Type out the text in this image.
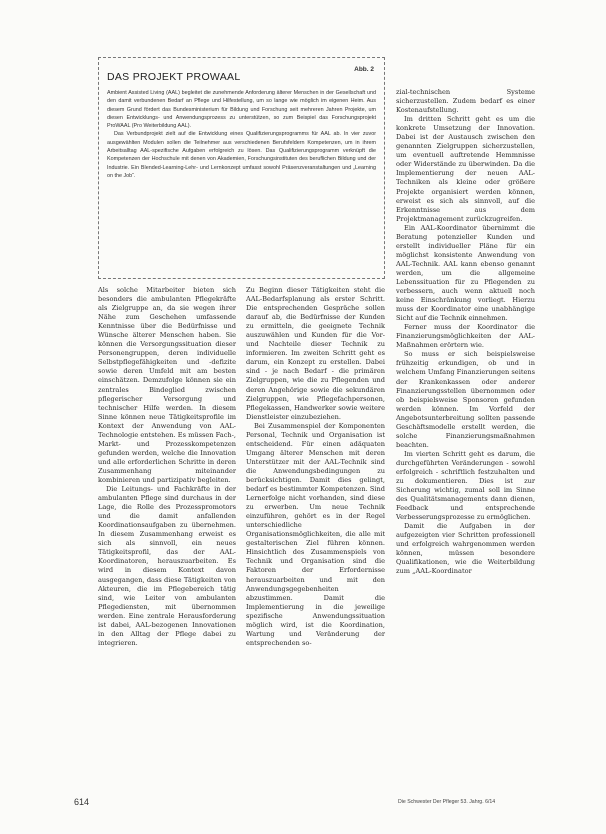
Abb. 2
DAS PROJEKT PROWAAL

Ambient Assisted Living (AAL) begleitet die zunehmende Anforderung älterer Menschen in der Gesellschaft und den damit verbundenen Bedarf an Pflege und Hilfestellung, um so lange wie möglich im eigenen Heim. Aus diesem Grund fördert das Bundesministerium für Bildung und Forschung seit mehreren Jahren Projekte, um diesen Entwicklungs- und Anwendungsprozess zu unterstützen, so zum Beispiel das Forschungsprojekt ProWAAL (Pro Weiterbildung AAL).

Das Verbundprojekt zielt auf die Entwicklung eines Qualifizierungsprogramms für AAL ab. In vier zuvor ausgewählten Modulen sollen die Teilnehmer aus verschiedenen Berufsfeldern Kompetenzen, um in ihrem Arbeitsalltag AAL-spezifische Aufgaben erfolgreich zu lösen. Das Qualifizierungsprogramm verknüpft die Kompetenzen der Hochschule mit denen von Akademien, Forschungsinstituten des beruflichen Bildung und der Industrie. Ein Blended-Learning-Lehr- und Lernkonzept umfasst sowohl Präsenzveranstaltungen und „Learning on the Job“.

Als solche Mitarbeiter bieten sich besonders die ambulanten Pflegekräfte als Zielgruppe an, da sie wegen ihrer Nähe zum Geschehen umfassende Kenntnisse über die Bedürfnisse und Wünsche älterer Menschen haben. Sie können die Versorgungssituation dieser Personengruppen, deren individuelle Selbstpflegefähigkeiten und -defizite sowie deren Umfeld mit am besten einschätzen. Demzufolge können sie ein zentrales Bindeglied zwischen pflegerischer Versorgung und technischer Hilfe werden. In diesem Sinne können neue Tätigkeitsprofile im Kontext der Anwendung von AAL-Technologie entstehen. Es müssen Fach-, Markt- und Prozesskompetenzen gefunden werden, welche die Innovation und alle erforderlichen Schritte in deren Zusammenhang miteinander kombinieren und partizipativ begleiten.

Die Leitungs- und Fachkräfte in der ambulanten Pflege sind durchaus in der Lage, die Rolle des Prozesspromotors und die damit anfallenden Koordinationsaufgaben zu übernehmen. In diesem Zusammenhang erweist es sich als sinnvoll, ein neues Tätigkeitsprofil, das der AAL-Koordinatoren, herauszuarbeiten. Es wird in diesem Kontext davon ausgegangen, dass diese Tätigkeiten von Akteuren, die im Pflegebereich tätig sind, wie Leiter von ambulanten Pflegediensten, mit übernommen werden. Eine zentrale Herausforderung ist dabei, AAL-bezogenen Innovationen in den Alltag der Pflege dabei zu integrieren.

Zu Beginn dieser Tätigkeiten steht die AAL-Bedarfsplanung als erster Schritt. Die entsprechenden Gespräche sollen darauf ab, die Bedürfnisse der Kunden zu ermitteln, die geeignete Technik auszuwählen und Kunden für die Vor- und Nachteile dieser Technik zu informieren. Im zweiten Schritt geht es darum, ein Konzept zu erstellen. Dabei sind - je nach Bedarf - die primären Zielgruppen, wie die zu Pflegenden und deren Angehörige sowie die sekundären Zielgruppen, wie Pflegefachpersonen, Pflegekassen, Handwerker sowie weitere Dienstleister einzubeziehen.

Bei Zusammenspiel der Komponenten Personal, Technik und Organisation ist entscheidend. Für einen adäquaten Umgang älterer Menschen mit deren Unterstützer mit der AAL-Technik sind die Anwendungsbedingungen zu berücksichtigen. Damit dies gelingt, bedarf es bestimmter Kompetenzen. Sind Lernerfolge nicht vorhanden, sind diese zu erwerben. Um neue Technik einzuführen, gehört es in der Regel unterschiedliche Organisationsmöglichkeiten, die alle mit gestalterischen Ziel führen können. Hinsichtlich des Zusammenspiels von Technik und Organisation sind die Faktoren der Erfordernisse herauszuarbeiten und mit den Anwendungsgegebenheiten abzustimmen. Damit die Implementierung in die jeweilige spezifische Anwendungssituation möglich wird, ist die Koordination, Wartung und Veränderung der entsprechenden so-

zial-technischen Systeme sicherzustellen. Zudem bedarf es einer Kostenaufstellung.

Im dritten Schritt geht es um die konkrete Umsetzung der Innovation. Dabei ist der Austausch zwischen den genannten Zielgruppen sicherzustellen, um eventuell auftretende Hemmnisse oder Widerstände zu überwinden. Da die Implementierung der neuen AAL-Techniken als kleine oder größere Projekte organisiert werden können, erweist es sich als sinnvoll, auf die Erkenntnisse aus dem Projektmanagement zurückzugreifen.

Ein AAL-Koordinator übernimmt die Beratung potenzieller Kunden und erstellt individueller Pläne für ein möglichst konsistente Anwendung von AAL-Technik. AAL kann ebenso genannt werden, um die allgemeine Lebenssituation für zu Pflegenden zu verbessern, auch wenn aktuell noch keine Einschränkung vorliegt. Hierzu muss der Koordinator eine unabhängige Sicht auf die Technik einnehmen.

Ferner muss der Koordinator die Finanzierungsmöglichkeiten der AAL-Maßnahmen erörtern wie.

So muss er sich beispielsweise frühzeitig erkundigen, ob und in welchem Umfang Finanzierungen seitens der Krankenkassen oder anderer Finanzierungsstellen übernommen oder ob beispielsweise Sponsoren gefunden werden können. Im Vorfeld der Angebotsunterbreitung sollten passende Geschäftsmodelle erstellt werden, die solche Finanzierungsmaßnahmen beachten.

Im vierten Schritt geht es darum, die durchgeführten Veränderungen - sowohl erfolgreich - schriftlich festzuhalten und zu dokumentieren. Dies ist zur Sicherung wichtig, zumal soll im Sinne des Qualitätsmanagements dann dienen, Feedback und entsprechende Verbesserungsprozesse zu ermöglichen.

Damit die Aufgaben in der aufgezeigten vier Schritten professionell und erfolgreich wahrgenommen werden können, müssen besondere Qualifikationen, wie die Weiterbildung zum „AAL-Koordinator

614	Die Schwester Der Pfleger 53. Jahrg. 6/14
